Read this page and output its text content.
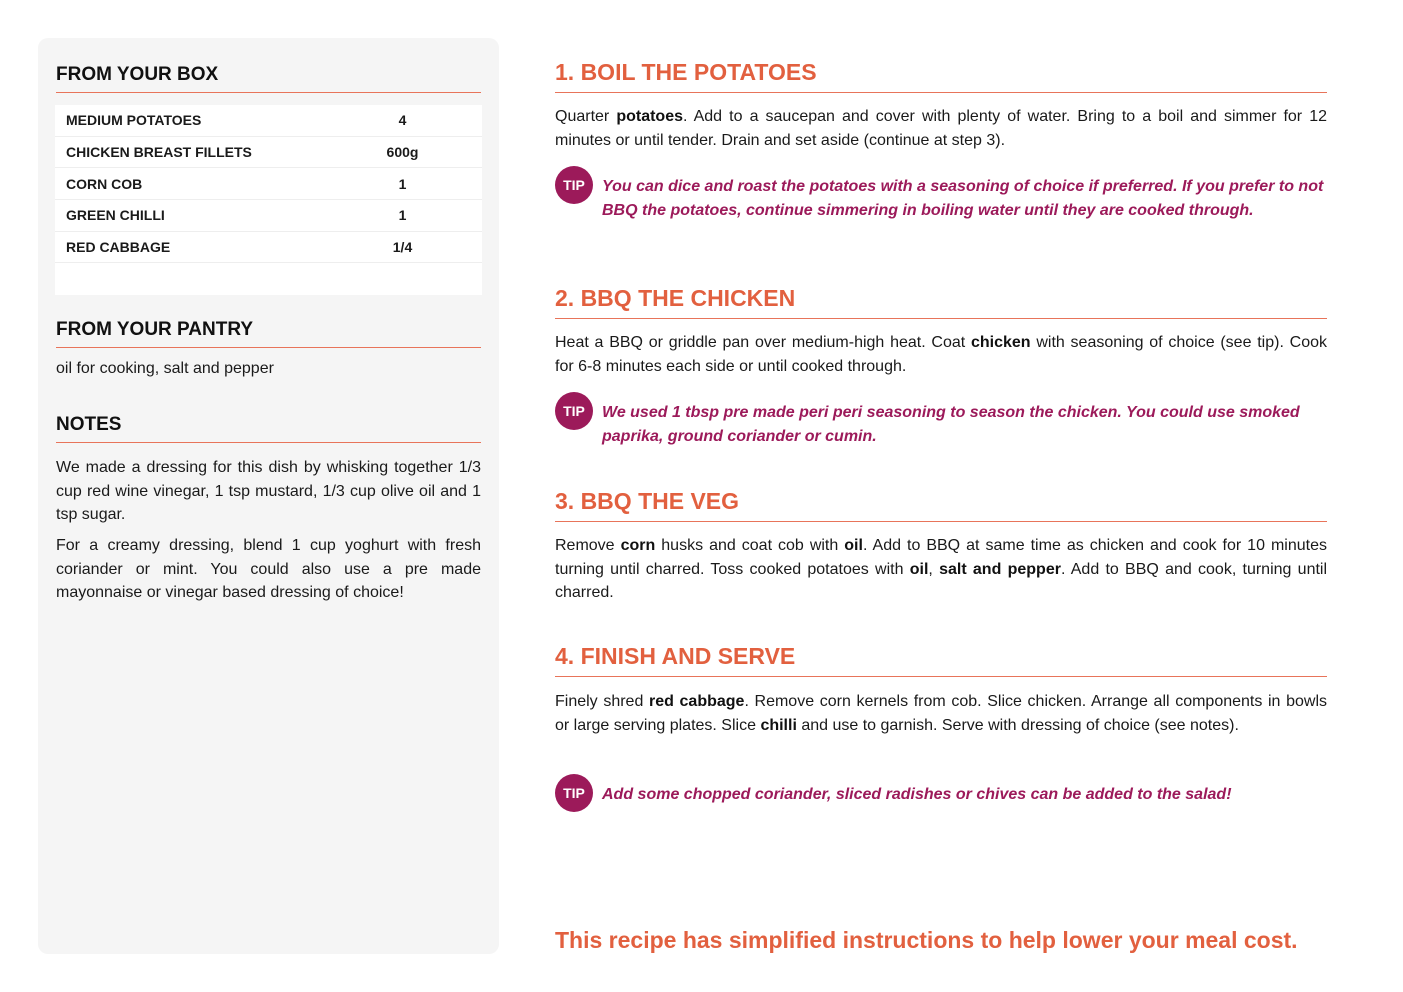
FROM YOUR BOX
MEDIUM POTATOES	4
CHICKEN BREAST FILLETS	600g
CORN COB	1
GREEN CHILLI	1
RED CABBAGE	1/4
FROM YOUR PANTRY
oil for cooking, salt and pepper
NOTES
We made a dressing for this dish by whisking together 1/3 cup red wine vinegar, 1 tsp mustard, 1/3 cup olive oil and 1 tsp sugar.
For a creamy dressing, blend 1 cup yoghurt with fresh coriander or mint. You could also use a pre made mayonnaise or vinegar based dressing of choice!
1. BOIL THE POTATOES
Quarter potatoes. Add to a saucepan and cover with plenty of water. Bring to a boil and simmer for 12 minutes or until tender. Drain and set aside (continue at step 3).
TIP	You can dice and roast the potatoes with a seasoning of choice if preferred. If you prefer to not BBQ the potatoes, continue simmering in boiling water until they are cooked through.
2. BBQ THE CHICKEN
Heat a BBQ or griddle pan over medium-high heat. Coat chicken with seasoning of choice (see tip). Cook for 6-8 minutes each side or until cooked through.
TIP	We used 1 tbsp pre made peri peri seasoning to season the chicken. You could use smoked paprika, ground coriander or cumin.
3. BBQ THE VEG
Remove corn husks and coat cob with oil. Add to BBQ at same time as chicken and cook for 10 minutes turning until charred. Toss cooked potatoes with oil, salt and pepper. Add to BBQ and cook, turning until charred.
4. FINISH AND SERVE
Finely shred red cabbage. Remove corn kernels from cob. Slice chicken. Arrange all components in bowls or large serving plates. Slice chilli and use to garnish. Serve with dressing of choice (see notes).
TIP	Add some chopped coriander, sliced radishes or chives can be added to the salad!
This recipe has simplified instructions to help lower your meal cost.
